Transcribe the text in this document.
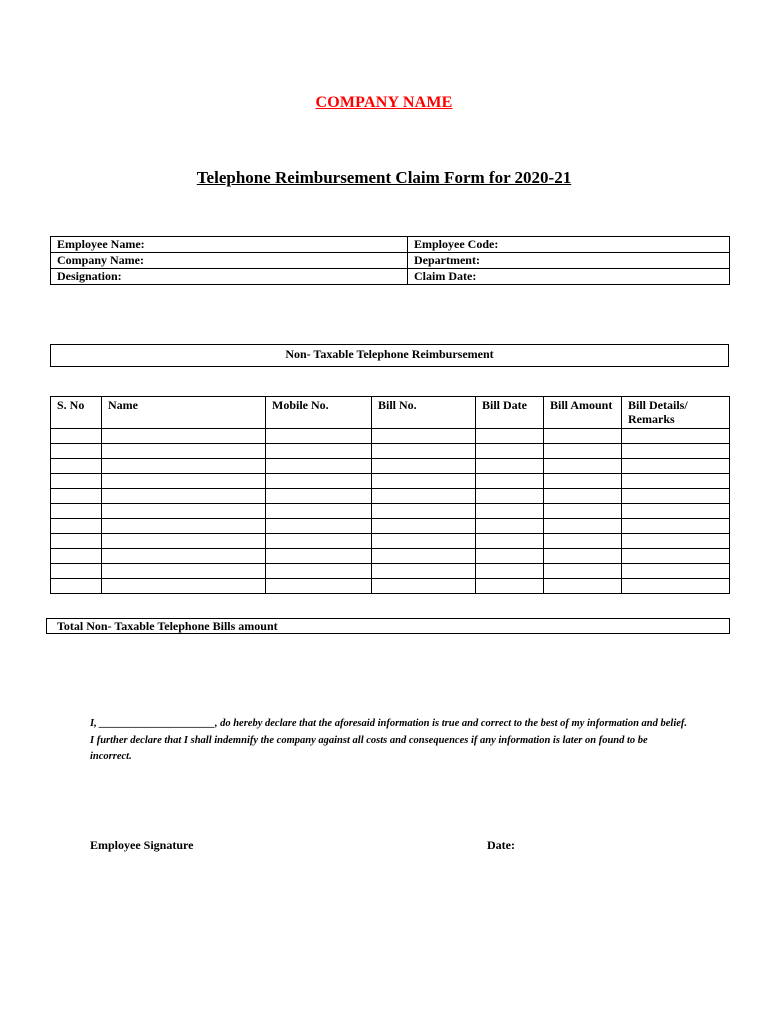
COMPANY NAME
Telephone Reimbursement Claim Form for 2020-21
Employee Name:	Employee Code:
Company Name:	Department:
Designation:	Claim Date:
Non- Taxable Telephone Reimbursement
S. No	Name	Mobile No.	Bill No.	Bill Date	Bill Amount	Bill Details/ Remarks

Total Non- Taxable Telephone Bills amount
I, ______________________, do hereby declare that the aforesaid information is true and correct to the best of my information and belief. I further declare that I shall indemnify the company against all costs and consequences if any information is later on found to be incorrect.
Employee Signature	Date:
